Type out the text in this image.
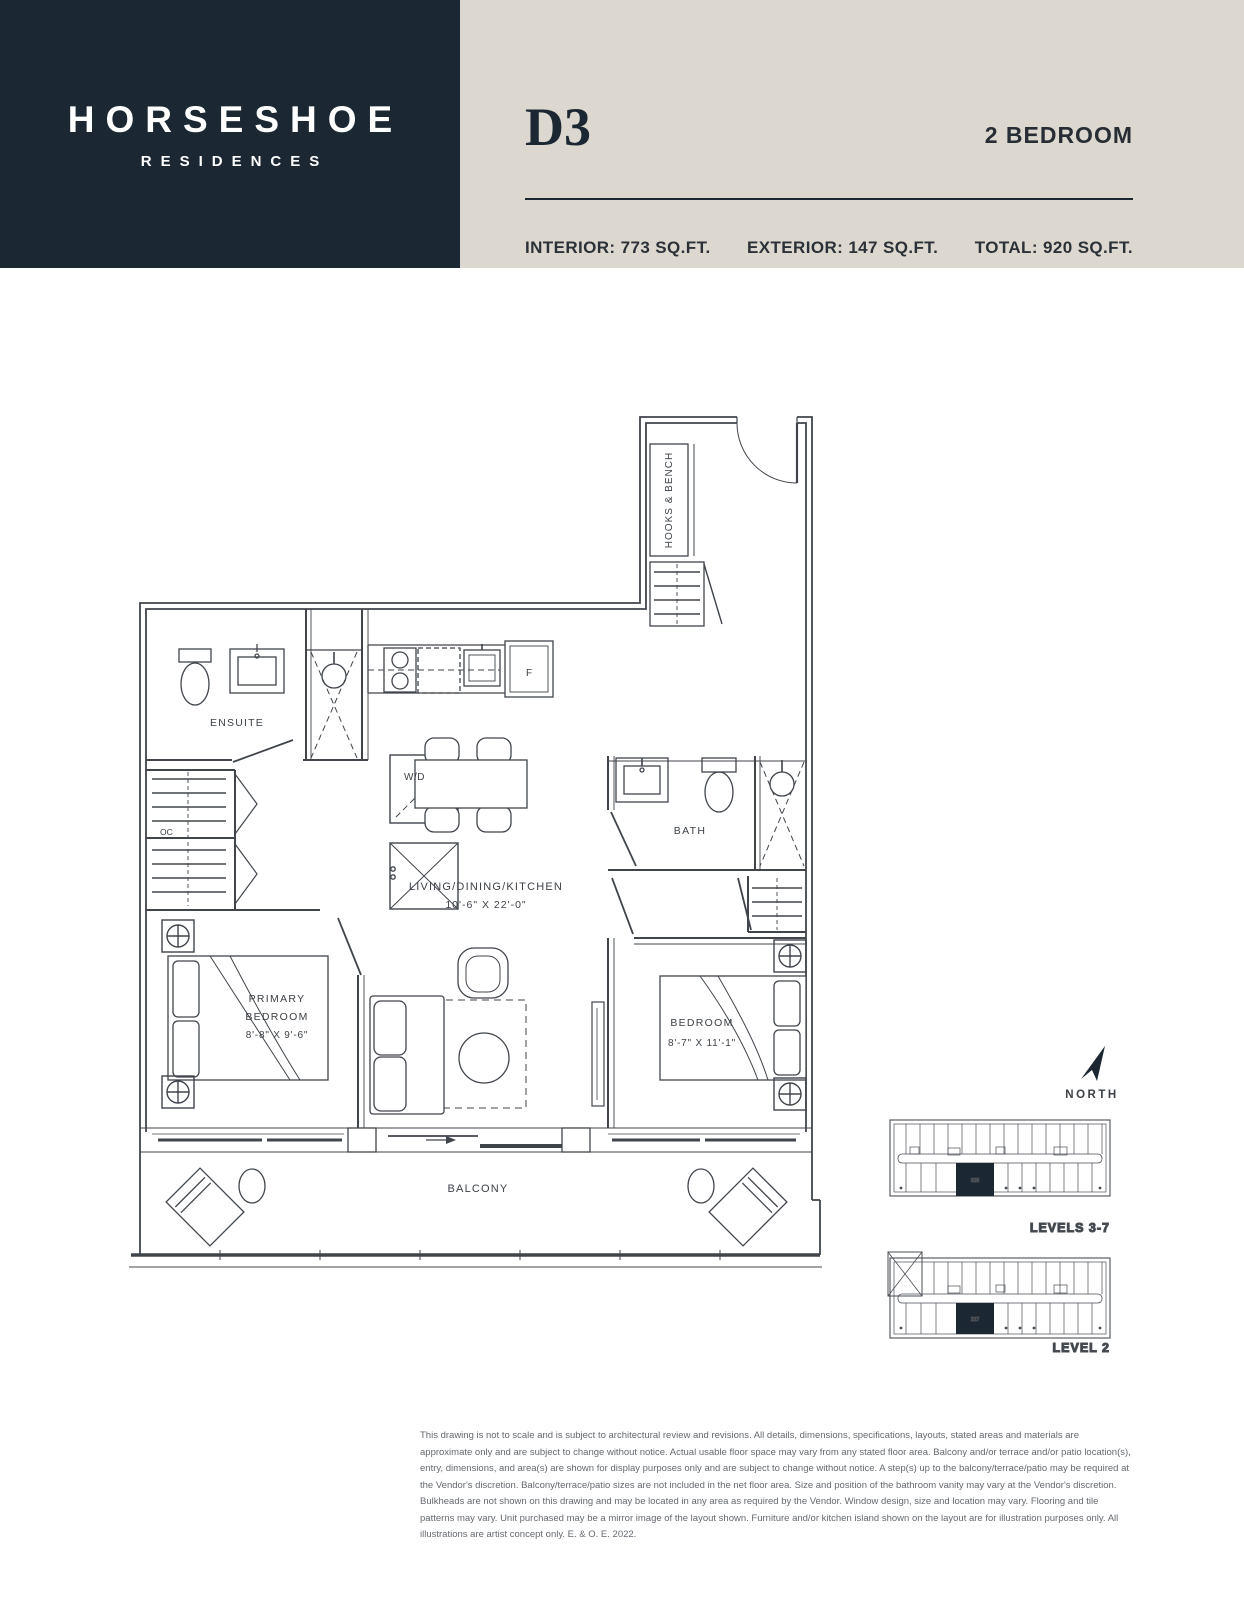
HORSESHOE
RESIDENCES
D3	2 BEDROOM
INTERIOR: 773 SQ.FT. EXTERIOR: 147 SQ.FT. TOTAL: 920 SQ.FT.
ENSUITE
W/D
OC
LIVING/DINING/KITCHEN
10'-6" X 22'-0"
PRIMARY
BEDROOM
8'-8" X 9'-6"
BATH
BEDROOM
8'-7" X 11'-1"
BALCONY
HOOKS & BENCH
F
NORTH
328
LEVELS 3-7
227
LEVEL 2
This drawing is not to scale and is subject to architectural review and revisions. All details, dimensions, specifications, layouts, stated areas and materials are approximate only and are subject to change without notice. Actual usable floor space may vary from any stated floor area. Balcony and/or terrace and/or patio location(s), entry, dimensions, and area(s) are shown for display purposes only and are subject to change without notice. A step(s) up to the balcony/terrace/patio may be required at the Vendor's discretion. Balcony/terrace/patio sizes are not included in the net floor area. Size and position of the bathroom vanity may vary at the Vendor's discretion. Bulkheads are not shown on this drawing and may be located in any area as required by the Vendor. Window design, size and location may vary. Flooring and tile patterns may vary. Unit purchased may be a mirror image of the layout shown. Furniture and/or kitchen island shown on the layout are for illustration purposes only. All illustrations are artist concept only. E. & O. E. 2022.
